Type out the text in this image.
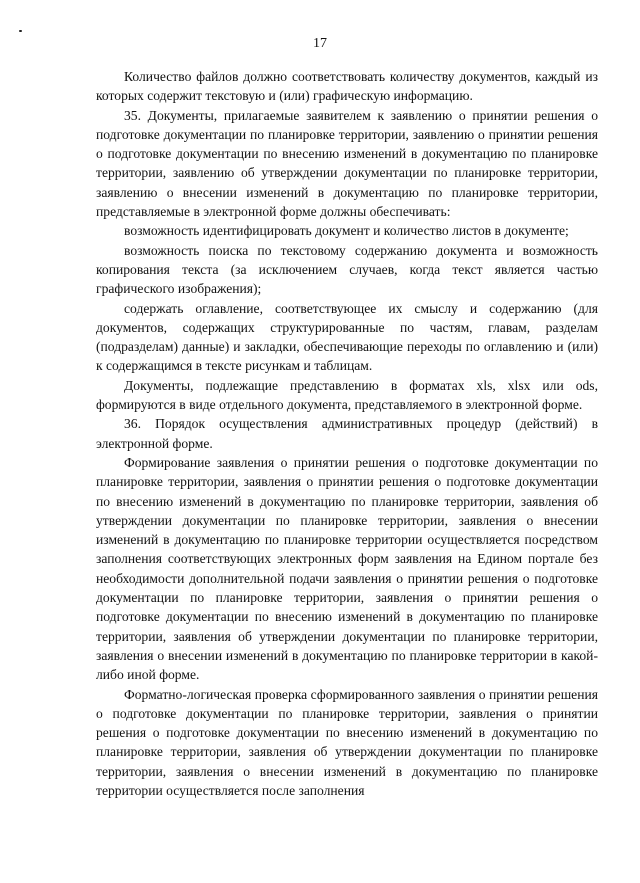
17

Количество файлов должно соответствовать количеству документов, каждый из которых содержит текстовую и (или) графическую информацию.

35. Документы, прилагаемые заявителем к заявлению о принятии решения о подготовке документации по планировке территории, заявлению о принятии решения о подготовке документации по внесению изменений в документацию по планировке территории, заявлению об утверждении документации по планировке территории, заявлению о внесении изменений в документацию по планировке территории, представляемые в электронной форме должны обеспечивать:

возможность идентифицировать документ и количество листов в документе;

возможность поиска по текстовому содержанию документа и возможность копирования текста (за исключением случаев, когда текст является частью графического изображения);

содержать оглавление, соответствующее их смыслу и содержанию (для документов, содержащих структурированные по частям, главам, разделам (подразделам) данные) и закладки, обеспечивающие переходы по оглавлению и (или) к содержащимся в тексте рисункам и таблицам.

Документы, подлежащие представлению в форматах xls, xlsx или ods, формируются в виде отдельного документа, представляемого в электронной форме.

36. Порядок осуществления административных процедур (действий) в электронной форме.

Формирование заявления о принятии решения о подготовке документации по планировке территории, заявления о принятии решения о подготовке документации по внесению изменений в документацию по планировке территории, заявления об утверждении документации по планировке территории, заявления о внесении изменений в документацию по планировке территории осуществляется посредством заполнения соответствующих электронных форм заявления на Едином портале без необходимости дополнительной подачи заявления о принятии решения о подготовке документации по планировке территории, заявления о принятии решения о подготовке документации по внесению изменений в документацию по планировке территории, заявления об утверждении документации по планировке территории, заявления о внесении изменений в документацию по планировке территории в какой-либо иной форме.

Форматно-логическая проверка сформированного заявления о принятии решения о подготовке документации по планировке территории, заявления о принятии решения о подготовке документации по внесению изменений в документацию по планировке территории, заявления об утверждении документации по планировке территории, заявления о внесении изменений в документацию по планировке территории осуществляется после заполнения
